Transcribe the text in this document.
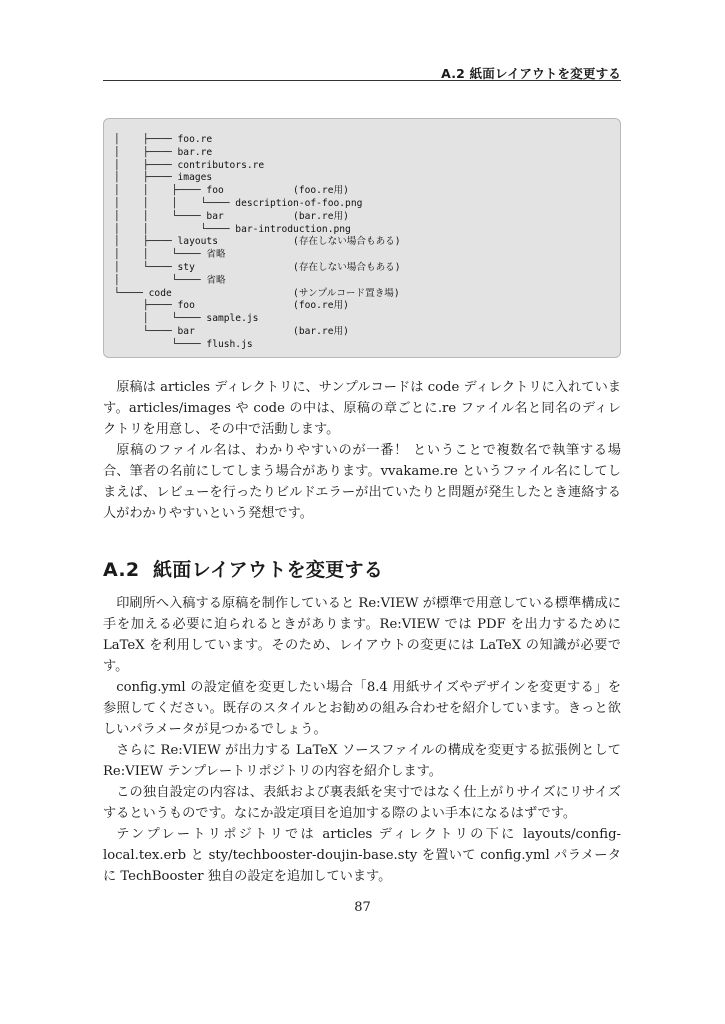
A.2 紙面レイアウトを変更する
│    ├──── foo.re
│    ├──── bar.re
│    ├──── contributors.re
│    ├──── images
│    │    ├──── foo            (foo.re用)
│    │    │    └──── description-of-foo.png
│    │    └──── bar            (bar.re用)
│    │         └──── bar-introduction.png
│    ├──── layouts             (存在しない場合もある)
│    │    └──── 省略
│    └──── sty                 (存在しない場合もある)
│         └──── 省略
└──── code                     (サンプルコード置き場)
├──── foo                 (foo.re用)
│    └──── sample.js
└──── bar                 (bar.re用)
└──── flush.js

原稿は articles ディレクトリに、サンプルコードは code ディレクトリに入れています。articles/images や code の中は、原稿の章ごとに.re ファイル名と同名のディレクトリを用意し、その中で活動します。

原稿のファイル名は、わかりやすいのが一番！ ということで複数名で執筆する場合、筆者の名前にしてしまう場合があります。vvakame.re というファイル名にしてしまえば、レビューを行ったりビルドエラーが出ていたりと問題が発生したとき連絡する人がわかりやすいという発想です。

A.2 紙面レイアウトを変更する

印刷所へ入稿する原稿を制作していると Re:VIEW が標準で用意している標準構成に手を加える必要に迫られるときがあります。Re:VIEW では PDF を出力するために LaTeX を利用しています。そのため、レイアウトの変更には LaTeX の知識が必要です。

config.yml の設定値を変更したい場合「8.4 用紙サイズやデザインを変更する」を参照してください。既存のスタイルとお勧めの組み合わせを紹介しています。きっと欲しいパラメータが見つかるでしょう。

さらに Re:VIEW が出力する LaTeX ソースファイルの構成を変更する拡張例として Re:VIEW テンプレートリポジトリの内容を紹介します。

この独自設定の内容は、表紙および裏表紙を実寸ではなく仕上がりサイズにリサイズするというものです。なにか設定項目を追加する際のよい手本になるはずです。

テンプレートリポジトリでは articles ディレクトリの下に layouts/config-local.tex.erb と sty/techbooster-doujin-base.sty を置いて config.yml パラメータに TechBooster 独自の設定を追加しています。

87
